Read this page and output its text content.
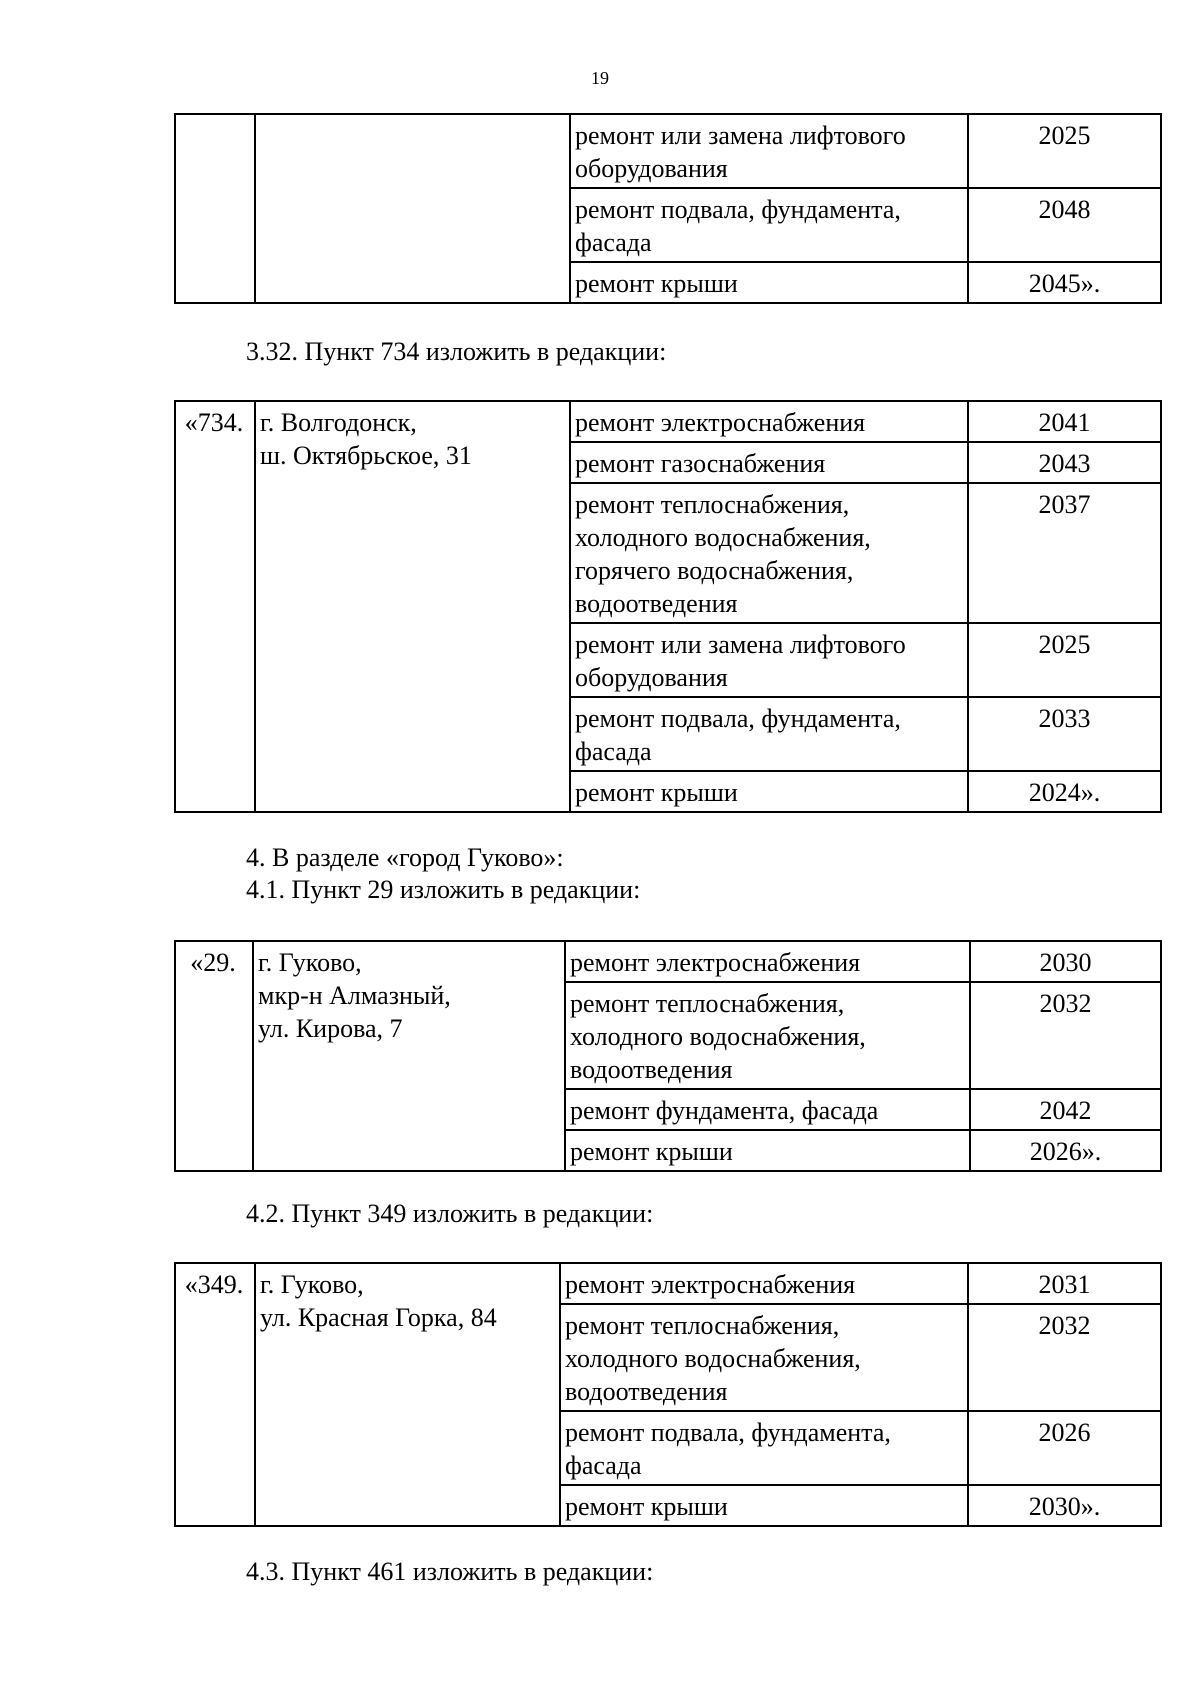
19
		ремонт или замена лифтового
оборудования	2025
		ремонт подвала, фундамента,
фасада	2048
		ремонт крыши	2045».
3.32. Пункт 734 изложить в редакции:
«734.	г. Волгодонск,
ш. Октябрьское, 31	ремонт электроснабжения	2041
		ремонт газоснабжения	2043
		ремонт теплоснабжения,
холодного водоснабжения,
горячего водоснабжения,
водоотведения	2037
		ремонт или замена лифтового
оборудования	2025
		ремонт подвала, фундамента,
фасада	2033
		ремонт крыши	2024».
4. В разделе «город Гуково»:
4.1. Пункт 29 изложить в редакции:
«29.	г. Гуково,
мкр-н Алмазный,
ул. Кирова, 7	ремонт электроснабжения	2030
		ремонт теплоснабжения,
холодного водоснабжения,
водоотведения	2032
		ремонт фундамента, фасада	2042
		ремонт крыши	2026».
4.2. Пункт 349 изложить в редакции:
«349.	г. Гуково,
ул. Красная Горка, 84	ремонт электроснабжения	2031
		ремонт теплоснабжения,
холодного водоснабжения,
водоотведения	2032
		ремонт подвала, фундамента,
фасада	2026
		ремонт крыши	2030».
4.3. Пункт 461 изложить в редакции:
